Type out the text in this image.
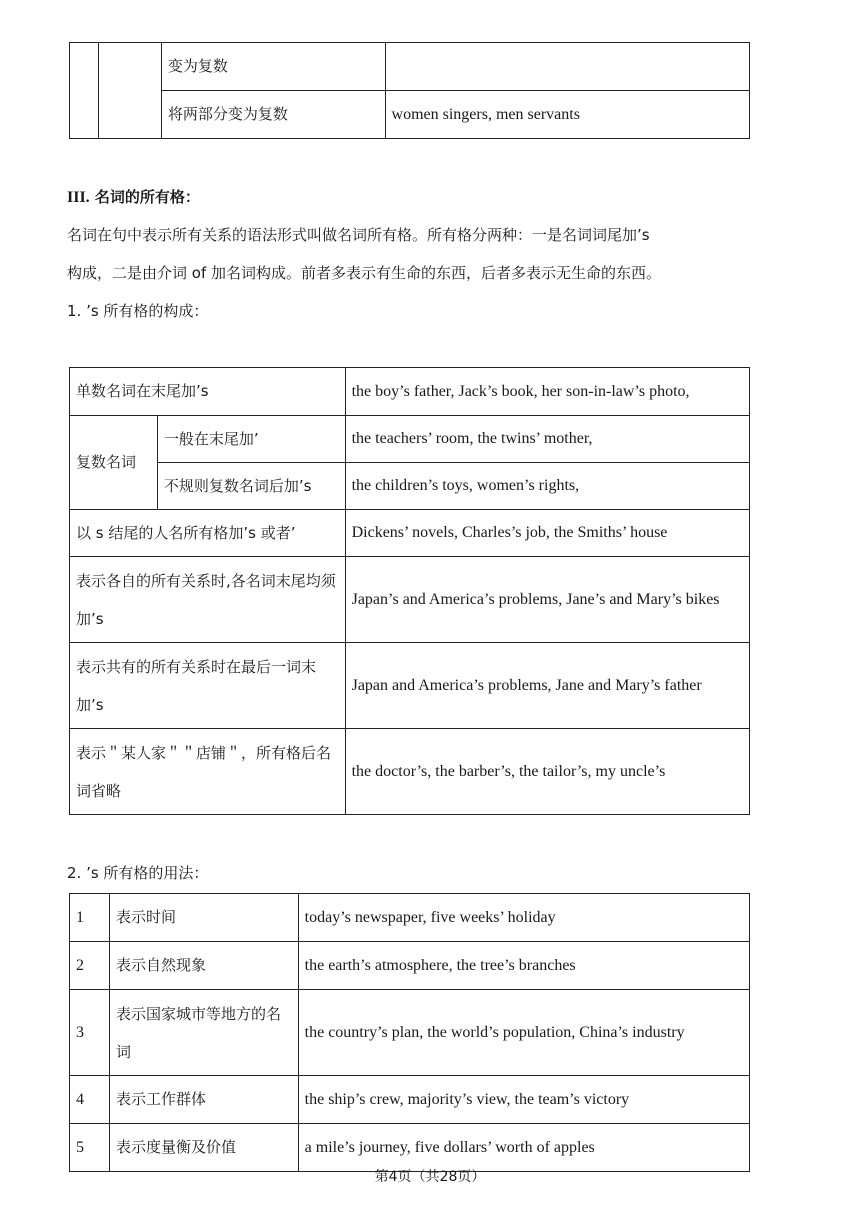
		变为复数	
		将两部分变为复数	women singers, men servants
III. 名词的所有格：
名词在句中表示所有关系的语法形式叫做名词所有格。所有格分两种：一是名词词尾加’s
构成，二是由介词 of 加名词构成。前者多表示有生命的东西，后者多表示无生命的东西。
1. ’s 所有格的构成：
单数名词在末尾加’s		the boy’s father, Jack’s book, her son-in-law’s photo,
复数名词	一般在末尾加’	the teachers’ room, the twins’ mother,
	不规则复数名词后加’s	the children’s toys, women’s rights,
以 s 结尾的人名所有格加’s 或者’		Dickens’ novels, Charles’s job, the Smiths’ house
表示各自的所有关系时,各名词末尾均须加’s		Japan’s and America’s problems, Jane’s and Mary’s bikes
表示共有的所有关系时在最后一词末加’s		Japan and America’s problems, Jane and Mary’s father
表示＂某人家＂＂店铺＂，所有格后名词省略		the doctor’s, the barber’s, the tailor’s, my uncle’s
2. ’s 所有格的用法：
1	表示时间	today’s newspaper, five weeks’ holiday
2	表示自然现象	the earth’s atmosphere, the tree’s branches
3	表示国家城市等地方的名词	the country’s plan, the world’s population, China’s industry
4	表示工作群体	the ship’s crew, majority’s view, the team’s victory
5	表示度量衡及价值	a mile’s journey, five dollars’ worth of apples
第4页（共28页）
